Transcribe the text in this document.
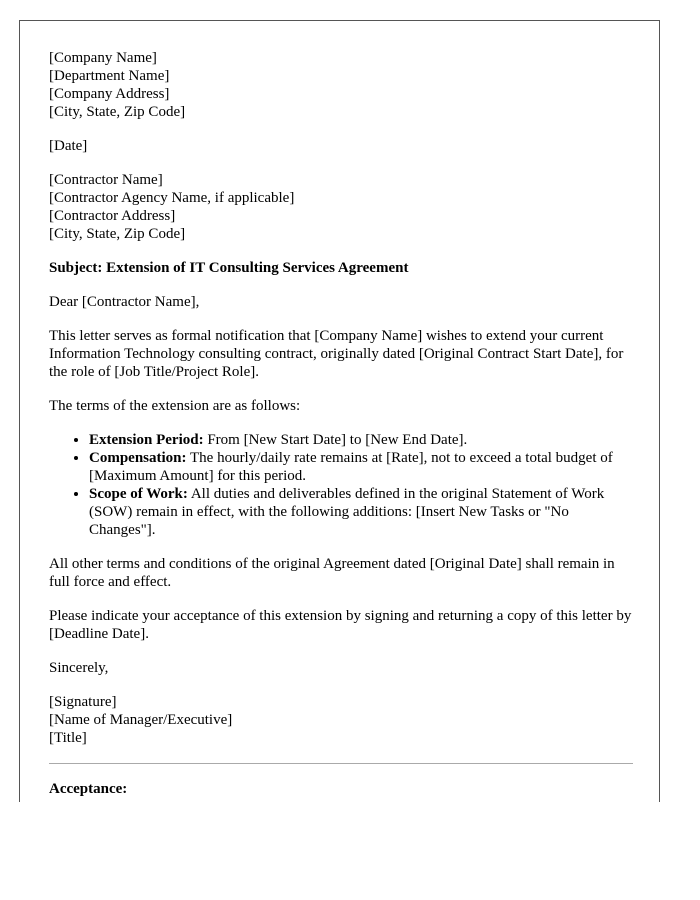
[Company Name]
[Department Name]
[Company Address]
[City, State, Zip Code]
[Date]
[Contractor Name]
[Contractor Agency Name, if applicable]
[Contractor Address]
[City, State, Zip Code]
Subject: Extension of IT Consulting Services Agreement
Dear [Contractor Name],

This letter serves as formal notification that [Company Name] wishes to extend your current Information Technology consulting contract, originally dated [Original Contract Start Date], for the role of [Job Title/Project Role].

The terms of the extension are as follows:

• Extension Period: From [New Start Date] to [New End Date].
• Compensation: The hourly/daily rate remains at [Rate], not to exceed a total budget of [Maximum Amount] for this period.
• Scope of Work: All duties and deliverables defined in the original Statement of Work (SOW) remain in effect, with the following additions: [Insert New Tasks or "No Changes"].

All other terms and conditions of the original Agreement dated [Original Date] shall remain in full force and effect.

Please indicate your acceptance of this extension by signing and returning a copy of this letter by [Deadline Date].

Sincerely,
[Signature]
[Name of Manager/Executive]
[Title]
Acceptance:
